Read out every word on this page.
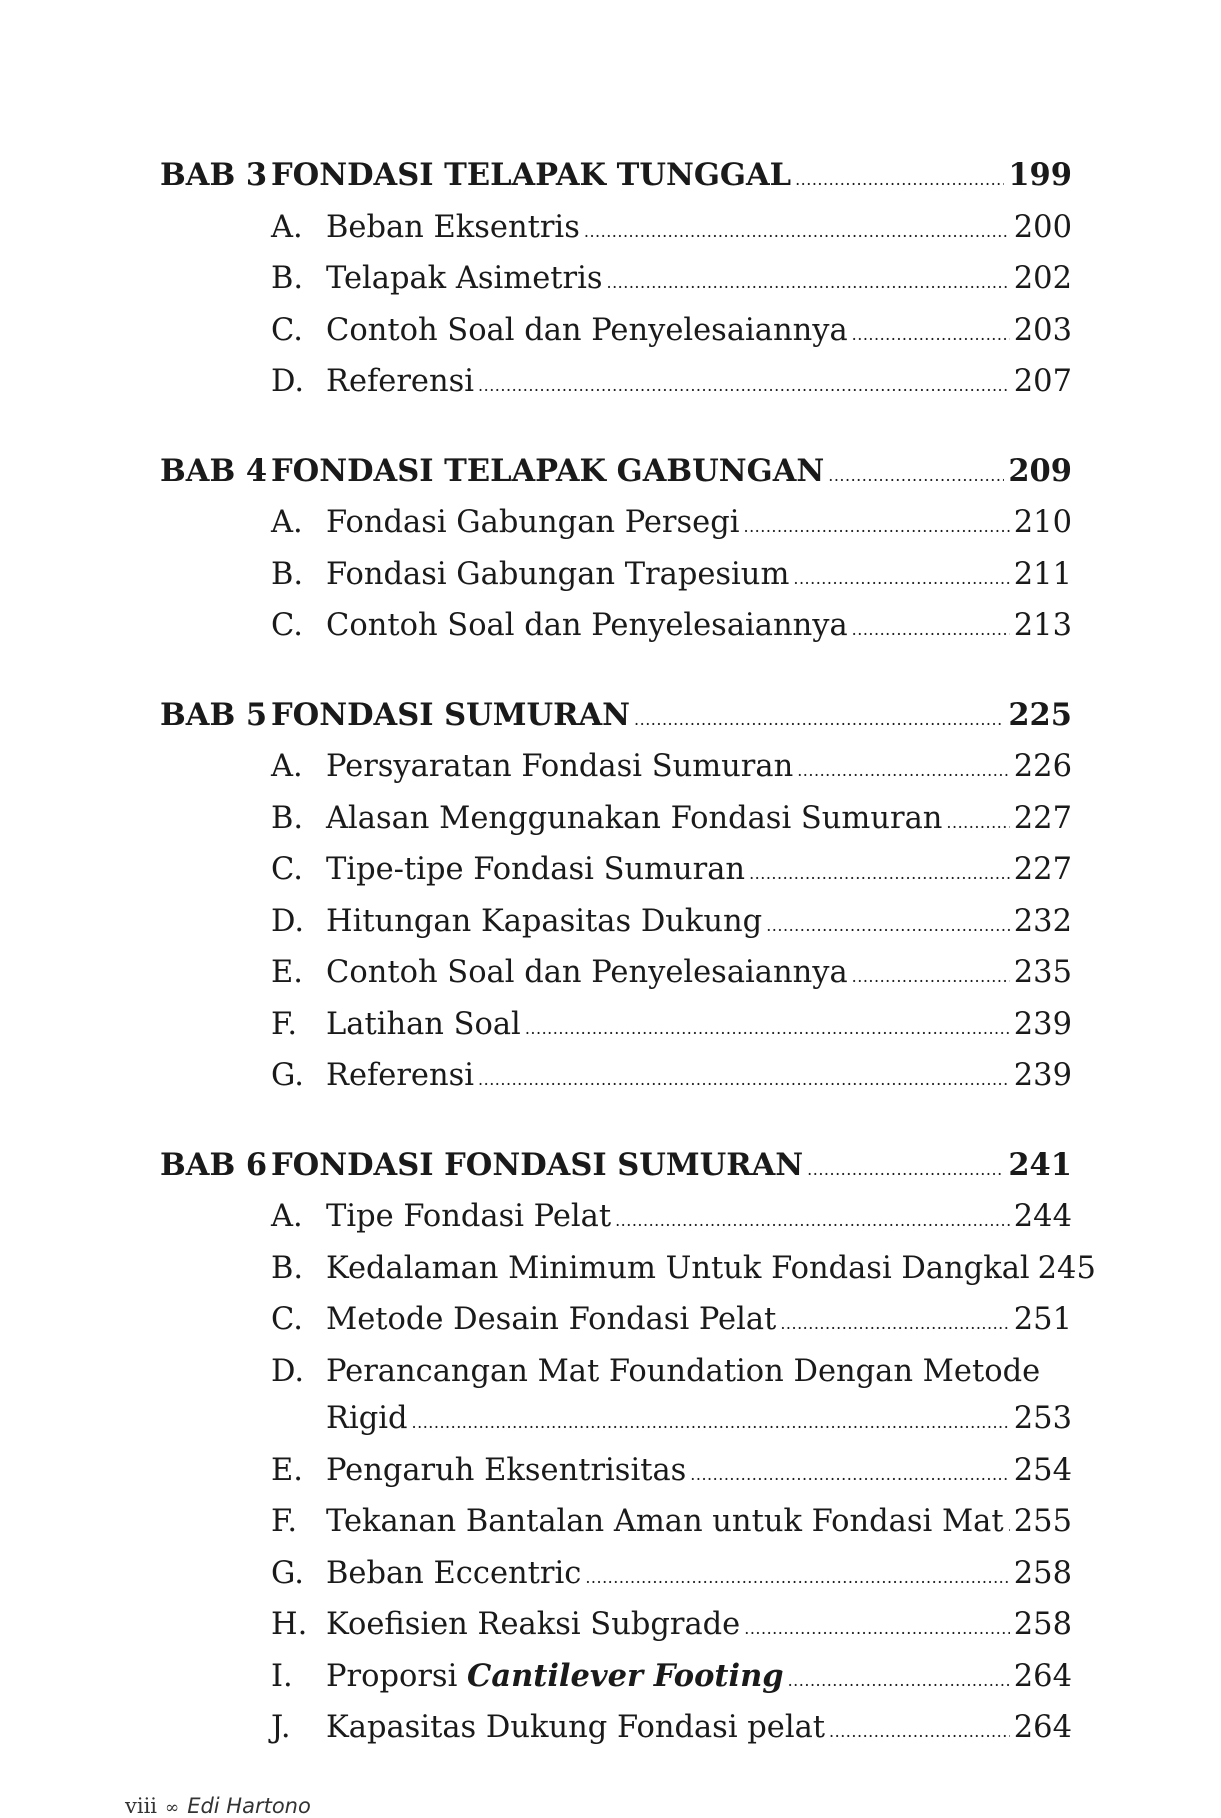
BAB 3 FONDASI TELAPAK TUNGGAL .....	199
A. Beban Eksentris .....	200
B. Telapak Asimetris .....	202
C. Contoh Soal dan Penyelesaiannya .....	203
D. Referensi .....	207
BAB 4 FONDASI TELAPAK GABUNGAN .....	209
A. Fondasi Gabungan Persegi .....	210
B. Fondasi Gabungan Trapesium .....	211
C. Contoh Soal dan Penyelesaiannya .....	213
BAB 5 FONDASI SUMURAN .....	225
A. Persyaratan Fondasi Sumuran .....	226
B. Alasan Menggunakan Fondasi Sumuran ..... 227
C. Tipe-tipe Fondasi Sumuran .....	227
D. Hitungan Kapasitas Dukung .....	232
E. Contoh Soal dan Penyelesaiannya .....	235
F. Latihan Soal .....	239
G. Referensi .....	239
BAB 6 FONDASI FONDASI SUMURAN .....	241
A. Tipe Fondasi Pelat .....	244
B. Kedalaman Minimum Untuk Fondasi Dangkal 245
C. Metode Desain Fondasi Pelat .....	251
D. Perancangan Mat Foundation Dengan Metode
Rigid .....	253
E. Pengaruh Eksentrisitas .....	254
F. Tekanan Bantalan Aman untuk Fondasi Mat ..... 255
G. Beban Eccentric .....	258
H. Koefisien Reaksi Subgrade .....	258
I.	Proporsi Cantilever Footing .....	264
J.	Kapasitas Dukung Fondasi pelat .....	264
viii ∞ Edi Hartono
